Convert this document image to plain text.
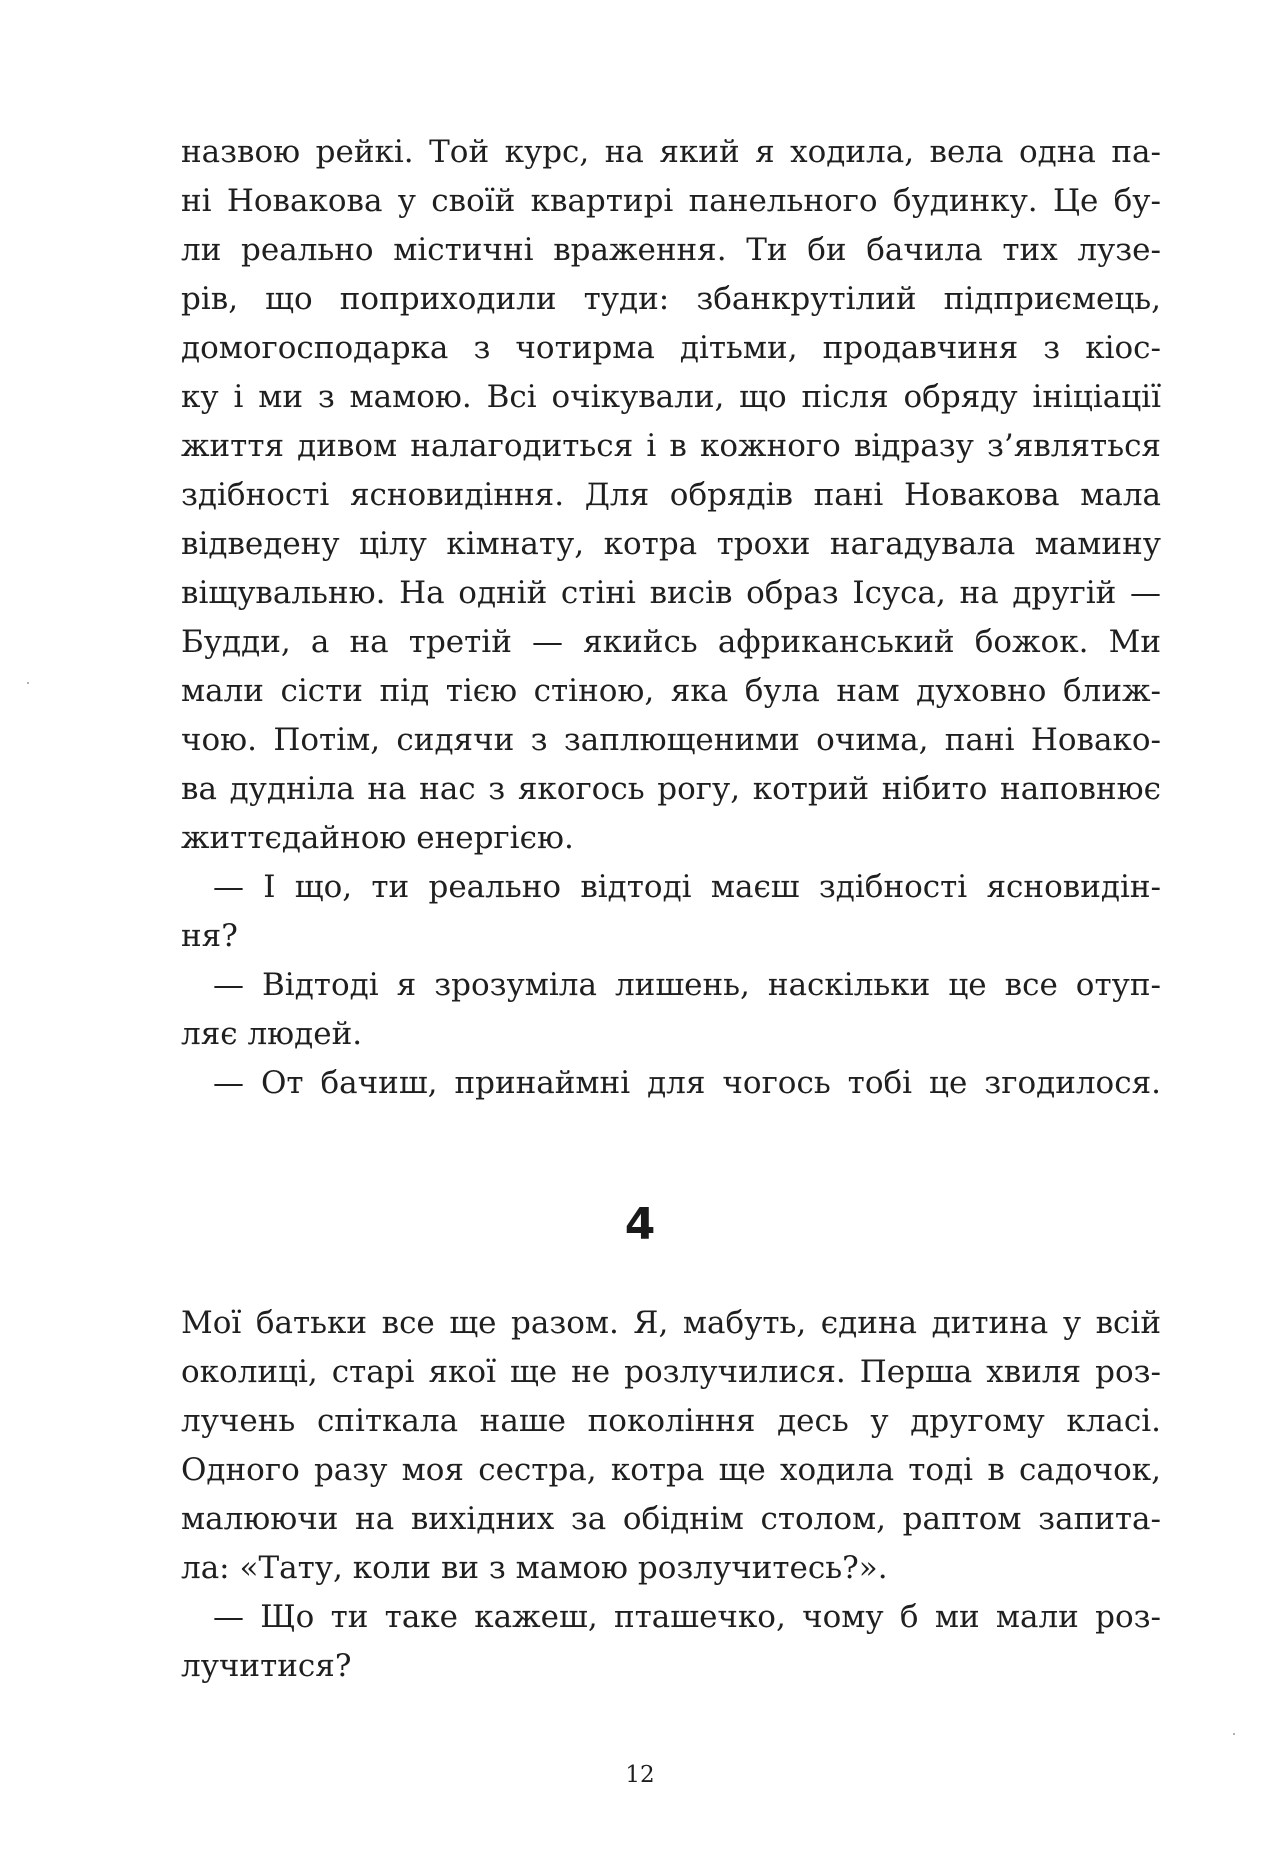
назвою рейкі. Той курс, на який я ходила, вела одна па-
ні Новакова у своїй квартирі панельного будинку. Це бу-
ли реально містичні враження. Ти би бачила тих лузе-
рів, що поприходили туди: збанкрутілий підприємець,
домогосподарка з чотирма дітьми, продавчиня з кіос-
ку і ми з мамою. Всі очікували, що після обряду ініціації
життя дивом налагодиться і в кожного відразу з’являться
здібності ясновидіння. Для обрядів пані Новакова мала
відведену цілу кімнату, котра трохи нагадувала мамину
віщувальню. На одній стіні висів образ Ісуса, на другій —
Будди, а на третій — якийсь африканський божок. Ми
мали сісти під тією стіною, яка була нам духовно ближ-
чою. Потім, сидячи з заплющеними очима, пані Новако-
ва дудніла на нас з якогось рогу, котрий нібито наповнює
життєдайною енергією.
— І що, ти реально відтоді маєш здібності ясновидін-
ня?
— Відтоді я зрозуміла лишень, наскільки це все отуп-
ляє людей.
— От бачиш, принаймні для чогось тобі це згодилося.
4
Мої батьки все ще разом. Я, мабуть, єдина дитина у всій
околиці, старі якої ще не розлучилися. Перша хвиля роз-
лучень спіткала наше покоління десь у другому класі.
Одного разу моя сестра, котра ще ходила тоді в садочок,
малюючи на вихідних за обіднім столом, раптом запита-
ла: «Тату, коли ви з мамою розлучитесь?».
— Що ти таке кажеш, пташечко, чому б ми мали роз-
лучитися?
12
